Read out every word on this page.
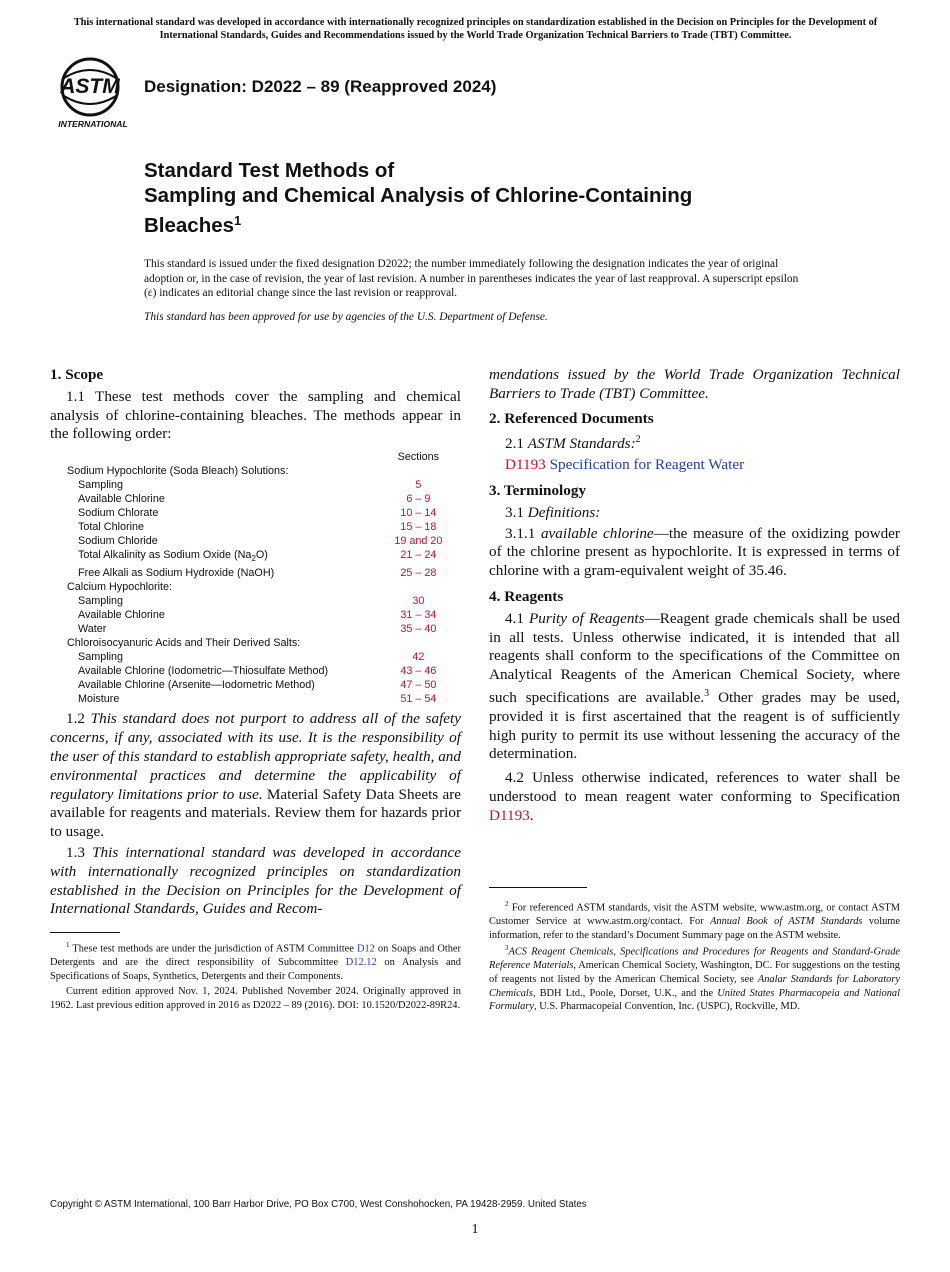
This international standard was developed in accordance with internationally recognized principles on standardization established in the Decision on Principles for the Development of International Standards, Guides and Recommendations issued by the World Trade Organization Technical Barriers to Trade (TBT) Committee.
ASTM
INTERNATIONAL
Designation: D2022 – 89 (Reapproved 2024)
Standard Test Methods of
Sampling and Chemical Analysis of Chlorine-Containing
Bleaches$^1$
This standard is issued under the fixed designation D2022; the number immediately following the designation indicates the year of original adoption or, in the case of revision, the year of last revision. A number in parentheses indicates the year of last reapproval. A superscript epsilon (ε) indicates an editorial change since the last revision or reapproval.
This standard has been approved for use by agencies of the U.S. Department of Defense.
1. Scope

1.1 These test methods cover the sampling and chemical analysis of chlorine-containing bleaches. The methods appear in the following order:

	Sections
Sodium Hypochlorite (Soda Bleach) Solutions:	
Sampling	5
Available Chlorine	6 – 9
Sodium Chlorate	10 – 14
Total Chlorine	15 – 18
Sodium Chloride	19 and 20
Total Alkalinity as Sodium Oxide $(Na_2O)$	21 – 24
Free Alkali as Sodium Hydroxide (NaOH)	25 – 28
Calcium Hypochlorite:	
Sampling	30
Available Chlorine	31 – 34
Water	35 – 40
Chloroisocyanuric Acids and Their Derived Salts:	
Sampling	42
Available Chlorine (Iodometric—Thiosulfate Method)	43 – 46
Available Chlorine (Arsenite—Iodometric Method)	47 – 50
Moisture	51 – 54

1.2 This standard does not purport to address all of the safety concerns, if any, associated with its use. It is the responsibility of the user of this standard to establish appropriate safety, health, and environmental practices and determine the applicability of regulatory limitations prior to use. Material Safety Data Sheets are available for reagents and materials. Review them for hazards prior to usage.

1.3 This international standard was developed in accordance with internationally recognized principles on standardization established in the Decision on Principles for the Development of International Standards, Guides and Recom-

$^1$ These test methods are under the jurisdiction of ASTM Committee D12 on Soaps and Other Detergents and are the direct responsibility of Subcommittee D12.12 on Analysis and Specifications of Soaps, Synthetics, Detergents and their Components.

Current edition approved Nov. 1, 2024. Published November 2024. Originally approved in 1962. Last previous edition approved in 2016 as D2022 – 89 (2016). DOI: 10.1520/D2022-89R24.

mendations issued by the World Trade Organization Technical Barriers to Trade (TBT) Committee.

2. Referenced Documents

2.1 ASTM Standards:$^2$

D1193 Specification for Reagent Water

3. Terminology

3.1 Definitions:

3.1.1 available chlorine—the measure of the oxidizing powder of the chlorine present as hypochlorite. It is expressed in terms of chlorine with a gram-equivalent weight of 35.46.

4. Reagents

4.1 Purity of Reagents—Reagent grade chemicals shall be used in all tests. Unless otherwise indicated, it is intended that all reagents shall conform to the specifications of the Committee on Analytical Reagents of the American Chemical Society, where such specifications are available.$^3$ Other grades may be used, provided it is first ascertained that the reagent is of sufficiently high purity to permit its use without lessening the accuracy of the determination.

4.2 Unless otherwise indicated, references to water shall be understood to mean reagent water conforming to Specification D1193.

$^2$ For referenced ASTM standards, visit the ASTM website, www.astm.org, or contact ASTM Customer Service at www.astm.org/contact. For Annual Book of ASTM Standards volume information, refer to the standard’s Document Summary page on the ASTM website.

$^3$ACS Reagent Chemicals, Specifications and Procedures for Reagents and Standard-Grade Reference Materials, American Chemical Society, Washington, DC. For suggestions on the testing of reagents not listed by the American Chemical Society, see Analar Standards for Laboratory Chemicals, BDH Ltd., Poole, Dorset, U.K., and the United States Pharmacopeia and National Formulary, U.S. Pharmacopeial Convention, Inc. (USPC), Rockville, MD.

Copyright © ASTM International, 100 Barr Harbor Drive, PO Box C700, West Conshohocken, PA 19428-2959. United States
1
